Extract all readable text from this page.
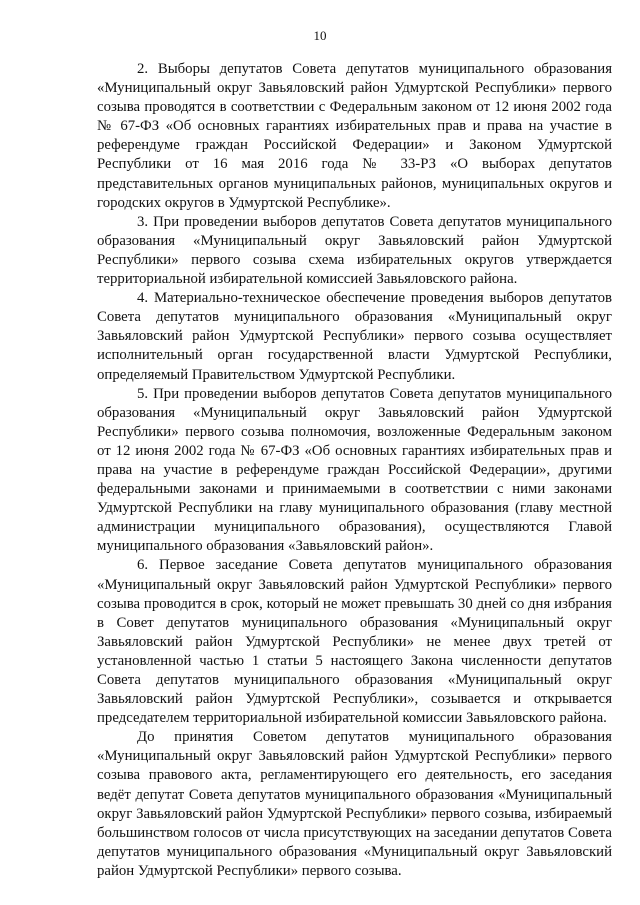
10

2. Выборы депутатов Совета депутатов муниципального образования «Муниципальный округ Завьяловский район Удмуртской Республики» первого созыва проводятся в соответствии с Федеральным законом от 12 июня 2002 года № 67-ФЗ «Об основных гарантиях избирательных прав и права на участие в референдуме граждан Российской Федерации» и Законом Удмуртской Республики от 16 мая 2016 года № 33-РЗ «О выборах депутатов представительных органов муниципальных районов, муниципальных округов и городских округов в Удмуртской Республике».

3. При проведении выборов депутатов Совета депутатов муниципального образования «Муниципальный округ Завьяловский район Удмуртской Республики» первого созыва схема избирательных округов утверждается территориальной избирательной комиссией Завьяловского района.

4. Материально-техническое обеспечение проведения выборов депутатов Совета депутатов муниципального образования «Муниципальный округ Завьяловский район Удмуртской Республики» первого созыва осуществляет исполнительный орган государственной власти Удмуртской Республики, определяемый Правительством Удмуртской Республики.

5. При проведении выборов депутатов Совета депутатов муниципального образования «Муниципальный округ Завьяловский район Удмуртской Республики» первого созыва полномочия, возложенные Федеральным законом от 12 июня 2002 года № 67-ФЗ «Об основных гарантиях избирательных прав и права на участие в референдуме граждан Российской Федерации», другими федеральными законами и принимаемыми в соответствии с ними законами Удмуртской Республики на главу муниципального образования (главу местной администрации муниципального образования), осуществляются Главой муниципального образования «Завьяловский район».

6. Первое заседание Совета депутатов муниципального образования «Муниципальный округ Завьяловский район Удмуртской Республики» первого созыва проводится в срок, который не может превышать 30 дней со дня избрания в Совет депутатов муниципального образования «Муниципальный округ Завьяловский район Удмуртской Республики» не менее двух третей от установленной частью 1 статьи 5 настоящего Закона численности депутатов Совета депутатов муниципального образования «Муниципальный округ Завьяловский район Удмуртской Республики», созывается и открывается председателем территориальной избирательной комиссии Завьяловского района.

До принятия Советом депутатов муниципального образования «Муниципальный округ Завьяловский район Удмуртской Республики» первого созыва правового акта, регламентирующего его деятельность, его заседания ведёт депутат Совета депутатов муниципального образования «Муниципальный округ Завьяловский район Удмуртской Республики» первого созыва, избираемый большинством голосов от числа присутствующих на заседании депутатов Совета депутатов муниципального образования «Муниципальный округ Завьяловский район Удмуртской Республики» первого созыва.
